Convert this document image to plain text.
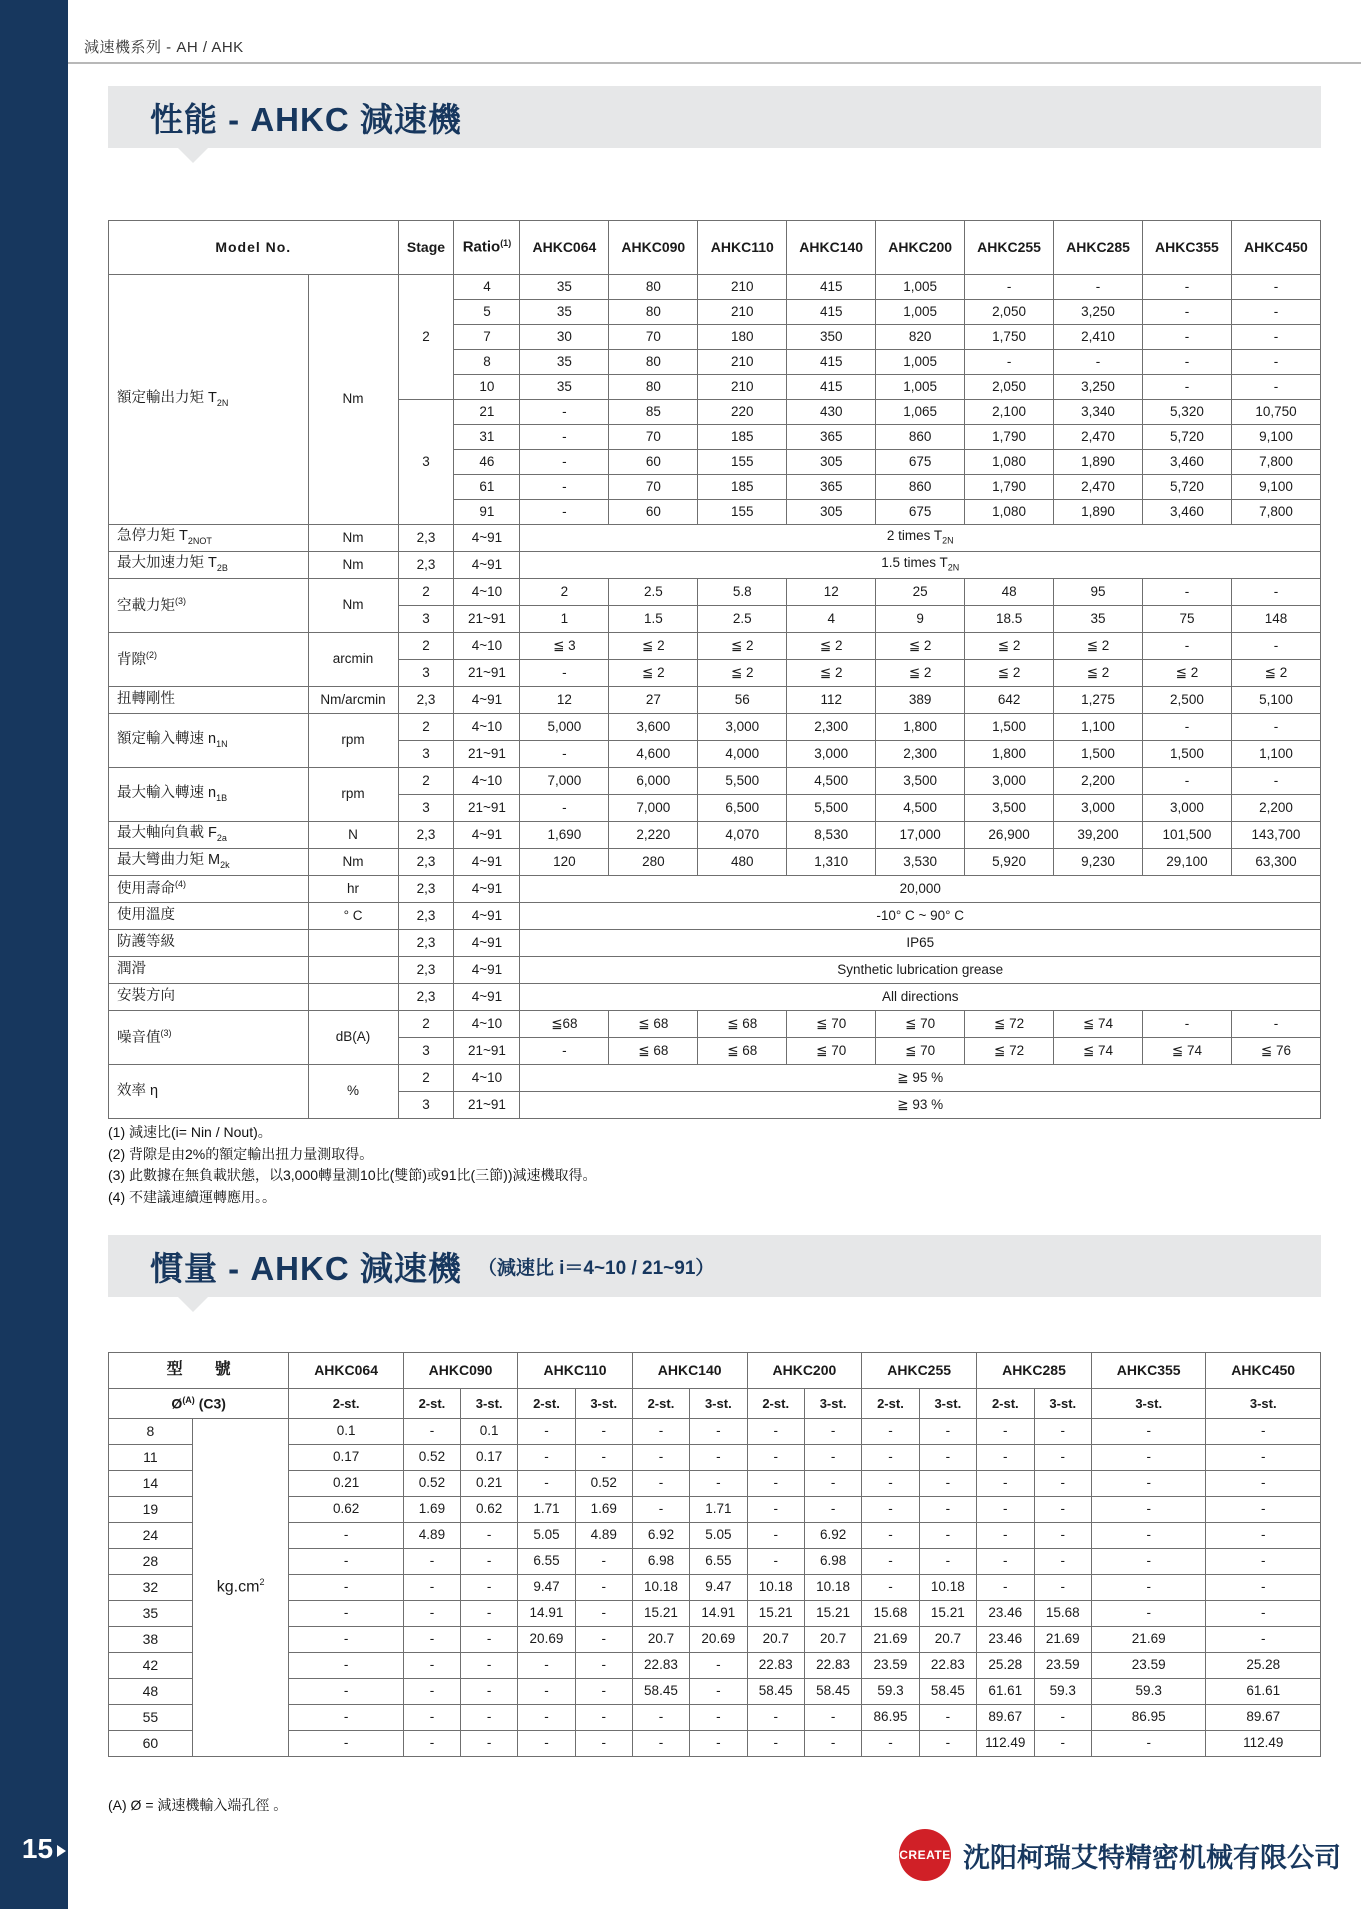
減速機系列 - AH / AHK
性能 - AHKC 減速機
Model No.		Stage	Ratio$^{(1)}$	AHKC064	AHKC090	AHKC110	AHKC140	AHKC200	AHKC255	AHKC285	AHKC355	AHKC450
額定輸出力矩 $T_{2N}$	Nm	2	4	35	80	210	415	1,005	-	-	-	-
			5	35	80	210	415	1,005	2,050	3,250	-	-
			7	30	70	180	350	820	1,750	2,410	-	-
			8	35	80	210	415	1,005	-	-	-	-
			10	35	80	210	415	1,005	2,050	3,250	-	-
		3	21	-	85	220	430	1,065	2,100	3,340	5,320	10,750
			31	-	70	185	365	860	1,790	2,470	5,720	9,100
			46	-	60	155	305	675	1,080	1,890	3,460	7,800
			61	-	70	185	365	860	1,790	2,470	5,720	9,100
			91	-	60	155	305	675	1,080	1,890	3,460	7,800
急停力矩 $T_{2NOT}$	Nm	2,3	4~91	2 times $T_{2N}$
最大加速力矩 $T_{2B}$	Nm	2,3	4~91	1.5 times $T_{2N}$
空載力矩$^{(3)}$	Nm	2	4~10	2	2.5	5.8	12	25	48	95	-	-
		3	21~91	1	1.5	2.5	4	9	18.5	35	75	148
背隙$^{(2)}$	arcmin	2	4~10	≦ 3	≦ 2	≦ 2	≦ 2	≦ 2	≦ 2	≦ 2	-	-
		3	21~91	-	≦ 2	≦ 2	≦ 2	≦ 2	≦ 2	≦ 2	≦ 2	≦ 2
扭轉剛性	Nm/arcmin	2,3	4~91	12	27	56	112	389	642	1,275	2,500	5,100
額定輸入轉速 $n_{1N}$	rpm	2	4~10	5,000	3,600	3,000	2,300	1,800	1,500	1,100	-	-
		3	21~91	-	4,600	4,000	3,000	2,300	1,800	1,500	1,500	1,100
最大輸入轉速 $n_{1B}$	rpm	2	4~10	7,000	6,000	5,500	4,500	3,500	3,000	2,200	-	-
		3	21~91	-	7,000	6,500	5,500	4,500	3,500	3,000	3,000	2,200
最大軸向負載 $F_{2a}$	N	2,3	4~91	1,690	2,220	4,070	8,530	17,000	26,900	39,200	101,500	143,700
最大彎曲力矩 $M_{2k}$	Nm	2,3	4~91	120	280	480	1,310	3,530	5,920	9,230	29,100	63,300
使用壽命$^{(4)}$	hr	2,3	4~91	20,000								
使用溫度	° C	2,3	4~91	-10° C ~ 90° C								
防護等級		2,3	4~91	IP65								
潤滑		2,3	4~91	Synthetic lubrication grease								
安裝方向		2,3	4~91	All directions								
噪音值$^{(3)}$	dB(A)	2	4~10	≦68	≦ 68	≦ 68	≦ 70	≦ 70	≦ 72	≦ 74	-	-
		3	21~91	-	≦ 68	≦ 68	≦ 70	≦ 70	≦ 72	≦ 74	≦ 74	≦ 76
效率 η	%	2	4~10	≧ 95 %								
		3	21~91	≧ 93 %								
(1) 減速比(i= Nin / Nout)。
(2) 背隙是由2%的額定輸出扭力量測取得。
(3) 此數據在無負載狀態，以3,000轉量測10比(雙節)或91比(三節))減速機取得。
(4) 不建議連續運轉應用。。
慣量 - AHKC 減速機 （減速比 i＝4~10 / 21~91）
型　　號		AHKC064	AHKC090		AHKC110		AHKC140		AHKC200		AHKC255		AHKC285		AHKC355	AHKC450
$Ø^{(A)}$ (C3)		2-st.	2-st.	3-st.	2-st.	3-st.	2-st.	3-st.	2-st.	3-st.	2-st.	3-st.	2-st.	3-st.	3-st.	3-st.
8	$kg.cm^2$	0.1	-	0.1	-	-	-	-	-	-	-	-	-	-	-	-
11		0.17	0.52	0.17	-	-	-	-	-	-	-	-	-	-	-	-
14		0.21	0.52	0.21	-	0.52	-	-	-	-	-	-	-	-	-	-
19		0.62	1.69	0.62	1.71	1.69	-	1.71	-	-	-	-	-	-	-	-
24		-	4.89	-	5.05	4.89	6.92	5.05	-	6.92	-	-	-	-	-	-
28		-	-	-	6.55	-	6.98	6.55	-	6.98	-	-	-	-	-	-
32		-	-	-	9.47	-	10.18	9.47	10.18	10.18	-	10.18	-	-	-	-
35		-	-	-	14.91	-	15.21	14.91	15.21	15.21	15.68	15.21	23.46	15.68	-	-
38		-	-	-	20.69	-	20.7	20.69	20.7	20.7	21.69	20.7	23.46	21.69	21.69	-
42		-	-	-	-	-	22.83	-	22.83	22.83	23.59	22.83	25.28	23.59	23.59	25.28
48		-	-	-	-	-	58.45	-	58.45	58.45	59.3	58.45	61.61	59.3	59.3	61.61
55		-	-	-	-	-	-	-	-	-	86.95	-	89.67	-	86.95	89.67
60		-	-	-	-	-	-	-	-	-	-	-	112.49	-	-	112.49
(A) Ø = 減速機輸入端孔徑 。
15	CREATE 沈阳柯瑞艾特精密机械有限公司
